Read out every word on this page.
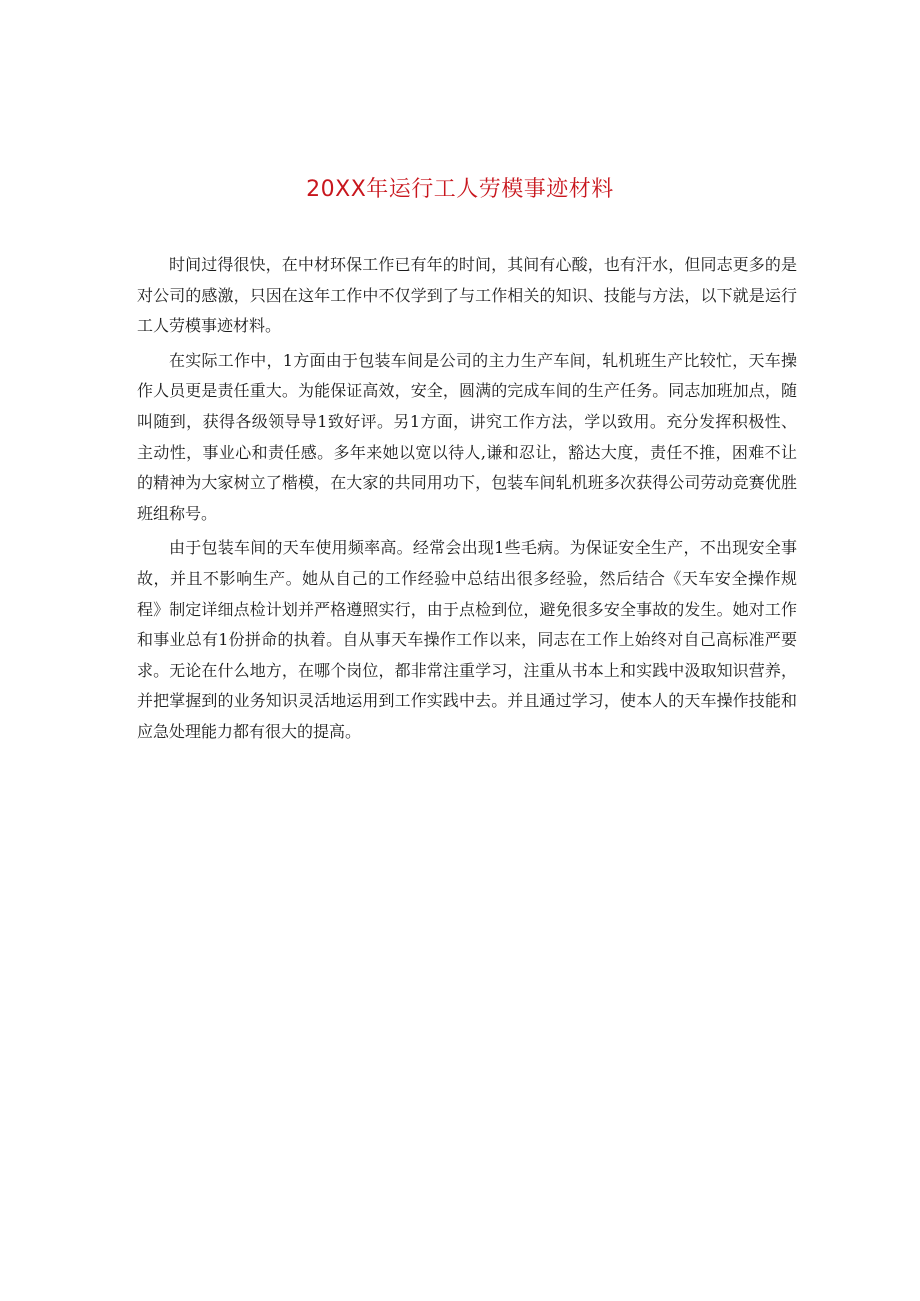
20XX年运行工人劳模事迹材料

时间过得很快，在中材环保工作已有年的时间，其间有心酸，也有汗水，但同志更多的是对公司的感激，只因在这年工作中不仅学到了与工作相关的知识、技能与方法，以下就是运行工人劳模事迹材料。

在实际工作中，1方面由于包装车间是公司的主力生产车间，轧机班生产比较忙，天车操作人员更是责任重大。为能保证高效，安全，圆满的完成车间的生产任务。同志加班加点，随叫随到，获得各级领导导1致好评。另1方面，讲究工作方法，学以致用。充分发挥积极性、主动性，事业心和责任感。多年来她以宽以待人,谦和忍让，豁达大度，责任不推，困难不让的精神为大家树立了楷模，在大家的共同用功下，包装车间轧机班多次获得公司劳动竞赛优胜班组称号。

由于包装车间的天车使用频率高。经常会出现1些毛病。为保证安全生产，不出现安全事故，并且不影响生产。她从自己的工作经验中总结出很多经验，然后结合《天车安全操作规程》制定详细点检计划并严格遵照实行，由于点检到位，避免很多安全事故的发生。她对工作和事业总有1份拼命的执着。自从事天车操作工作以来，同志在工作上始终对自己高标准严要求。无论在什么地方，在哪个岗位，都非常注重学习，注重从书本上和实践中汲取知识营养，并把掌握到的业务知识灵活地运用到工作实践中去。并且通过学习，使本人的天车操作技能和应急处理能力都有很大的提高。
